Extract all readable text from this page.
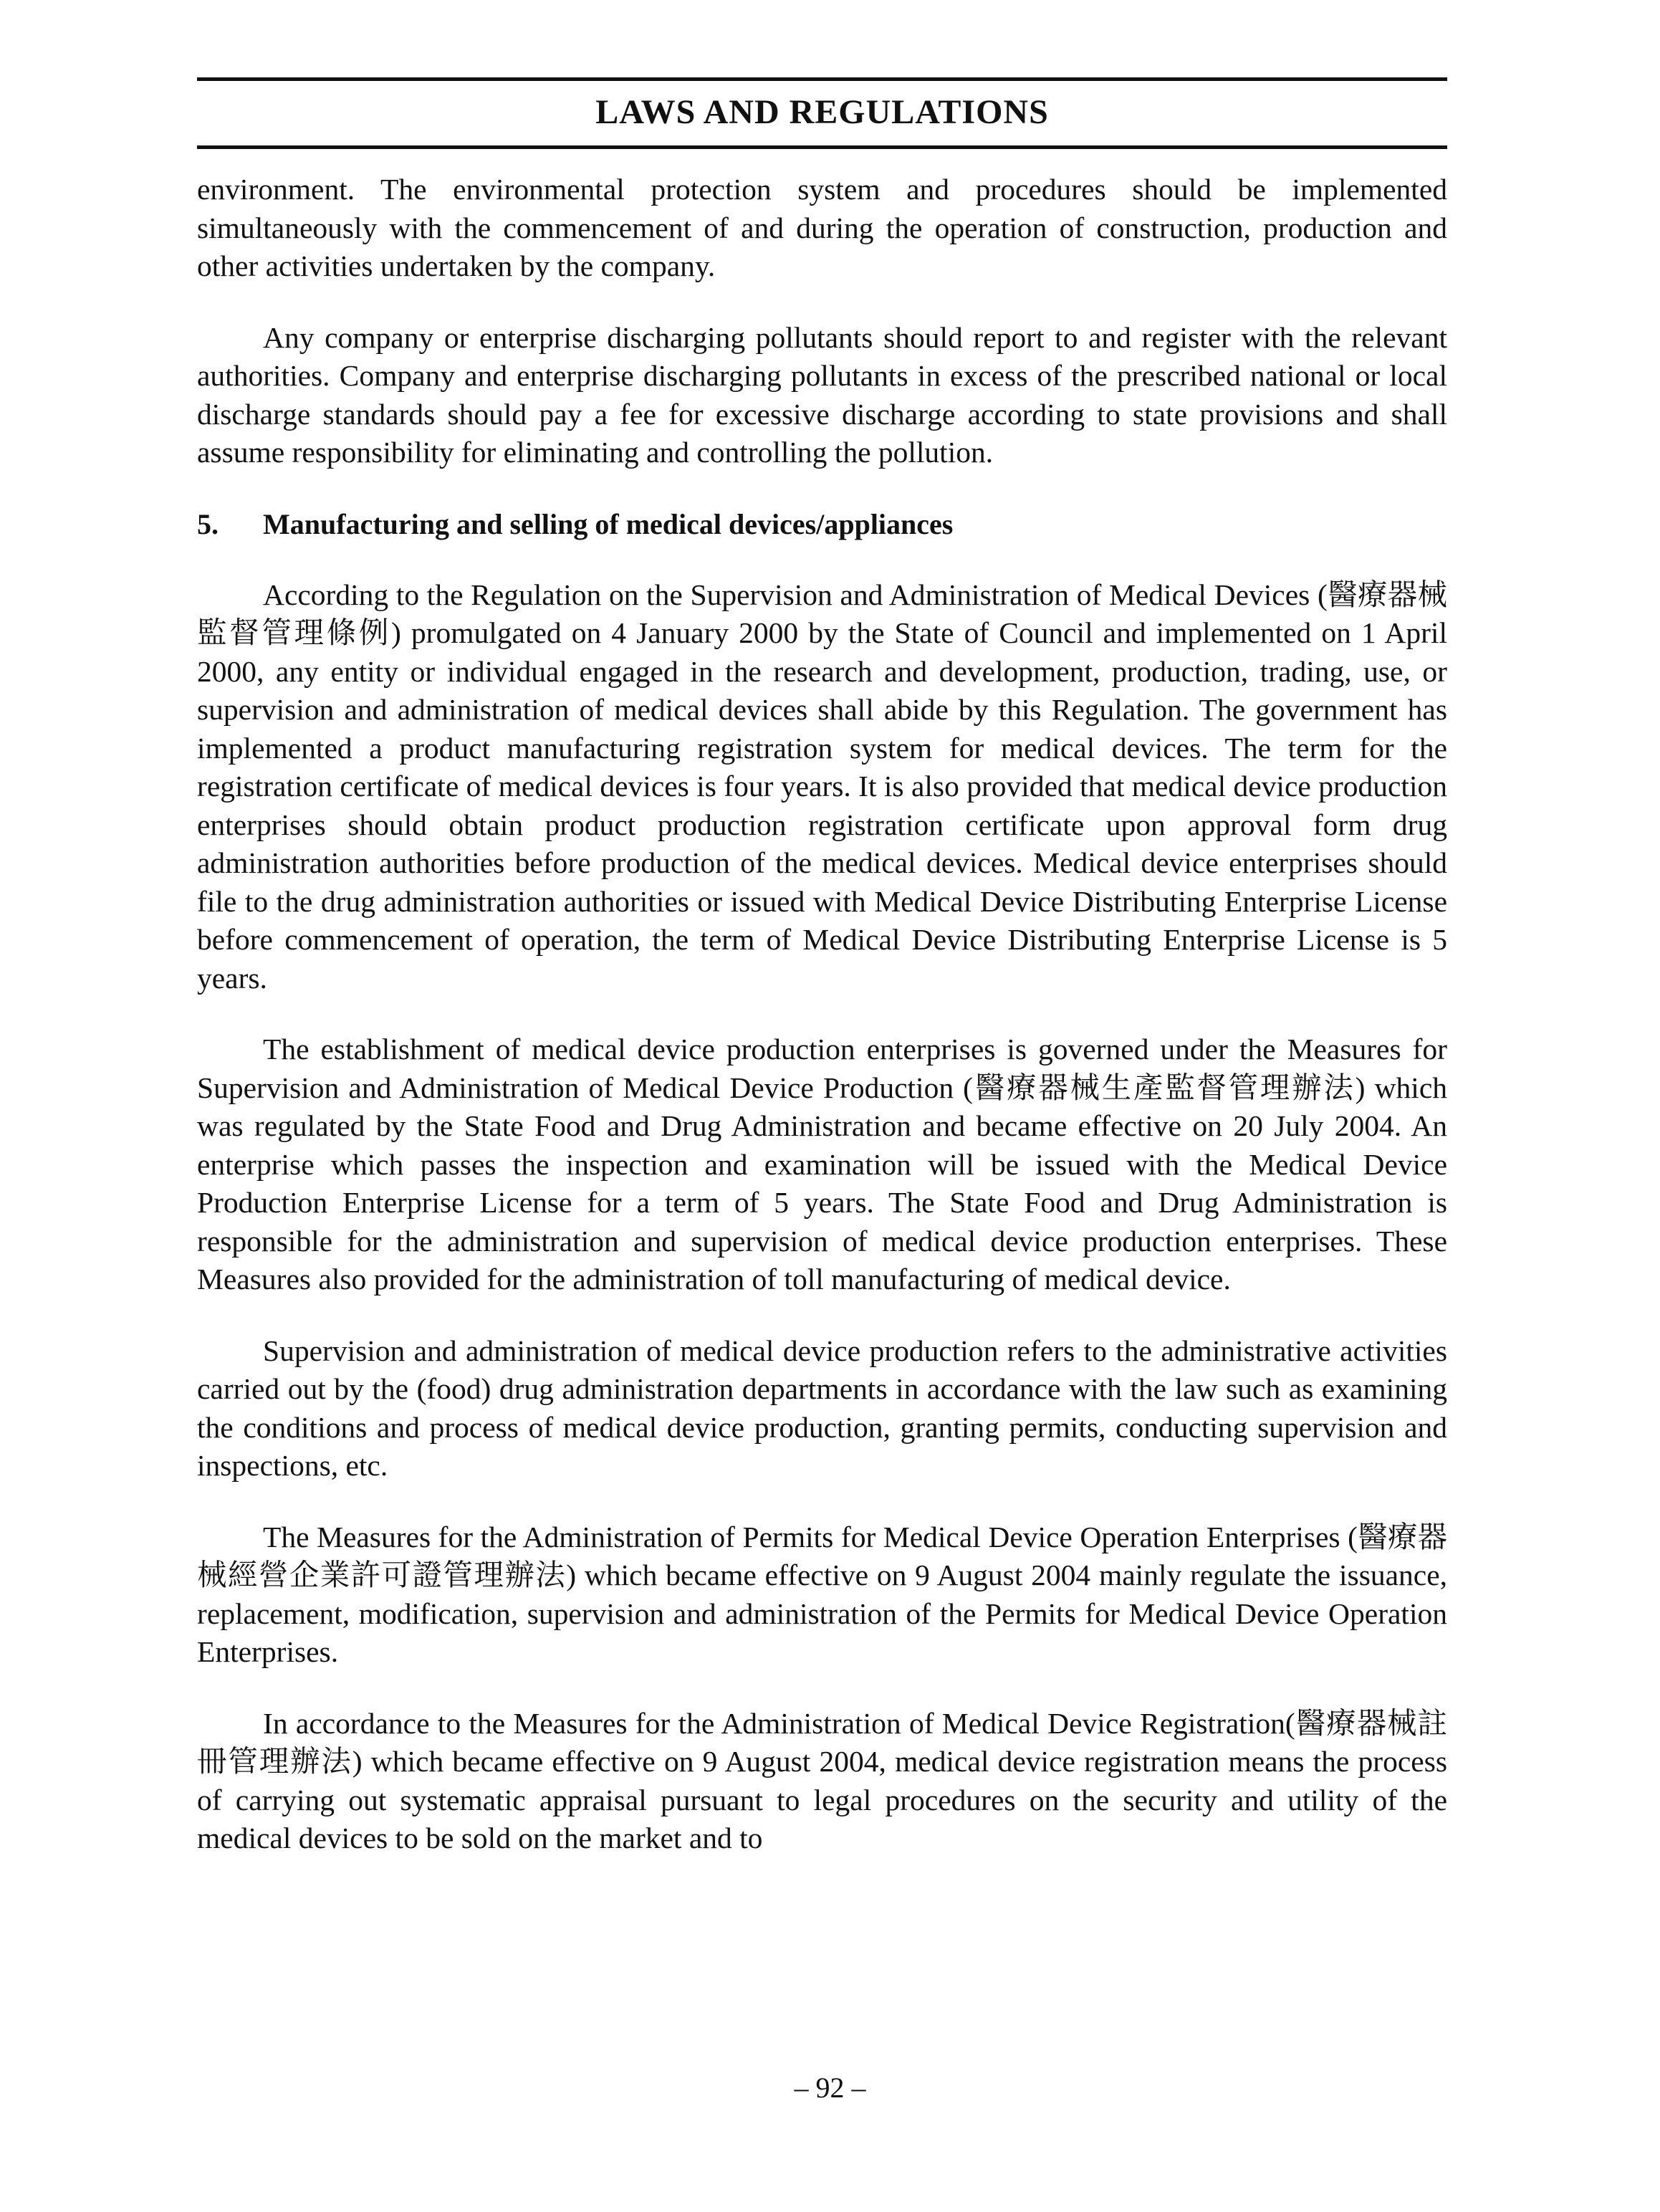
LAWS AND REGULATIONS

environment. The environmental protection system and procedures should be implemented simultaneously with the commencement of and during the operation of construction, production and other activities undertaken by the company.

Any company or enterprise discharging pollutants should report to and register with the relevant authorities. Company and enterprise discharging pollutants in excess of the prescribed national or local discharge standards should pay a fee for excessive discharge according to state provisions and shall assume responsibility for eliminating and controlling the pollution.

5.	Manufacturing and selling of medical devices/appliances

According to the Regulation on the Supervision and Administration of Medical Devices (醫療器械監督管理條例) promulgated on 4 January 2000 by the State of Council and implemented on 1 April 2000, any entity or individual engaged in the research and development, production, trading, use, or supervision and administration of medical devices shall abide by this Regulation. The government has implemented a product manufacturing registration system for medical devices. The term for the registration certificate of medical devices is four years. It is also provided that medical device production enterprises should obtain product production registration certificate upon approval form drug administration authorities before production of the medical devices. Medical device enterprises should file to the drug administration authorities or issued with Medical Device Distributing Enterprise License before commencement of operation, the term of Medical Device Distributing Enterprise License is 5 years.

The establishment of medical device production enterprises is governed under the Measures for Supervision and Administration of Medical Device Production (醫療器械生產監督管理辦法) which was regulated by the State Food and Drug Administration and became effective on 20 July 2004. An enterprise which passes the inspection and examination will be issued with the Medical Device Production Enterprise License for a term of 5 years. The State Food and Drug Administration is responsible for the administration and supervision of medical device production enterprises. These Measures also provided for the administration of toll manufacturing of medical device.

Supervision and administration of medical device production refers to the administrative activities carried out by the (food) drug administration departments in accordance with the law such as examining the conditions and process of medical device production, granting permits, conducting supervision and inspections, etc.

The Measures for the Administration of Permits for Medical Device Operation Enterprises (醫療器械經營企業許可證管理辦法) which became effective on 9 August 2004 mainly regulate the issuance, replacement, modification, supervision and administration of the Permits for Medical Device Operation Enterprises.

In accordance to the Measures for the Administration of Medical Device Registration(醫療器械註冊管理辦法) which became effective on 9 August 2004, medical device registration means the process of carrying out systematic appraisal pursuant to legal procedures on the security and utility of the medical devices to be sold on the market and to

– 92 –
